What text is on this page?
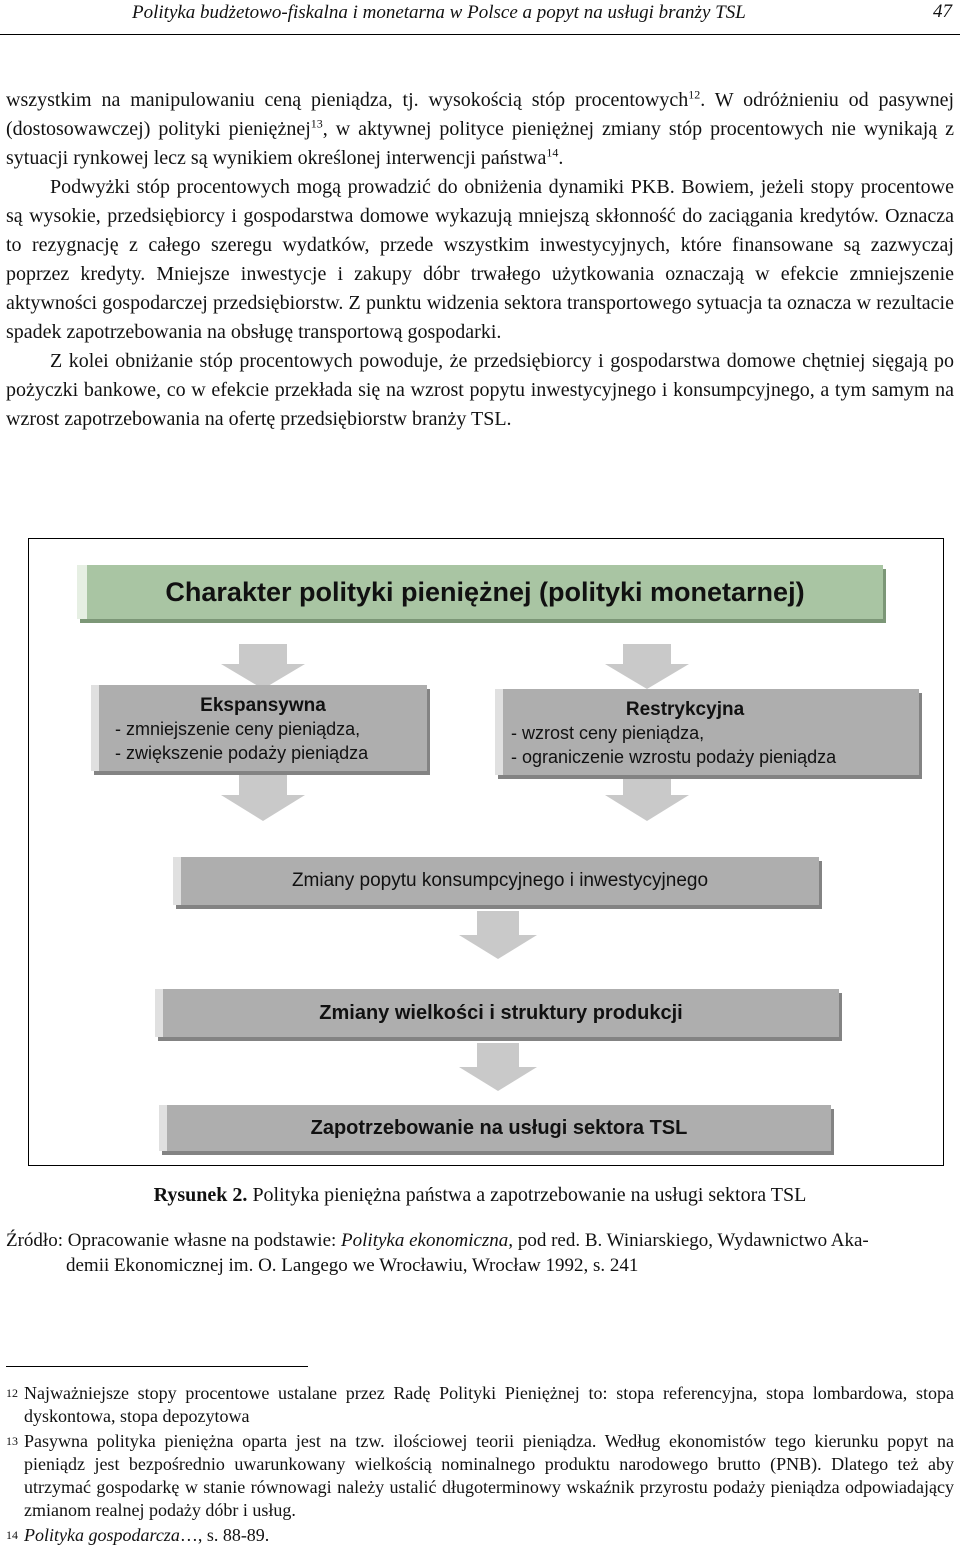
Polityka budżetowo-fiskalna i monetarna w Polsce a popyt na usługi branży TSL	47

wszystkim na manipulowaniu ceną pieniądza, tj. wysokością stóp procentowych$^{12}$. W odróżnieniu od pasywnej (dostosowawczej) polityki pieniężnej$^{13}$, w aktywnej polityce pieniężnej zmiany stóp procentowych nie wynikają z sytuacji rynkowej lecz są wynikiem określonej interwencji państwa$^{14}$.

Podwyżki stóp procentowych mogą prowadzić do obniżenia dynamiki PKB. Bowiem, jeżeli stopy procentowe są wysokie, przedsiębiorcy i gospodarstwa domowe wykazują mniejszą skłonność do zaciągania kredytów. Oznacza to rezygnację z całego szeregu wydatków, przede wszystkim inwestycyjnych, które finansowane są zazwyczaj poprzez kredyty. Mniejsze inwestycje i zakupy dóbr trwałego użytkowania oznaczają w efekcie zmniejszenie aktywności gospodarczej przedsiębiorstw. Z punktu widzenia sektora transportowego sytuacja ta oznacza w rezultacie spadek zapotrzebowania na obsługę transportową gospodarki.

Z kolei obniżanie stóp procentowych powoduje, że przedsiębiorcy i gospodarstwa domowe chętniej sięgają po pożyczki bankowe, co w efekcie przekłada się na wzrost popytu inwestycyjnego i konsumpcyjnego, a tym samym na wzrost zapotrzebowania na ofertę przedsiębiorstw branży TSL.

Charakter polityki pieniężnej (polityki monetarnej)
Ekspansywna
- zmniejszenie ceny pieniądza,
- zwiększenie podaży pieniądza
Restrykcyjna
- wzrost ceny pieniądza,
- ograniczenie wzrostu podaży pieniądza
Zmiany popytu konsumpcyjnego i inwestycyjnego
Zmiany wielkości i struktury produkcji
Zapotrzebowanie na usługi sektora TSL
Rysunek 2. Polityka pieniężna państwa a zapotrzebowanie na usługi sektora TSL
Źródło: Opracowanie własne na podstawie: Polityka ekonomiczna, pod red. B. Winiarskiego, Wydawnictwo Aka-
demii Ekonomicznej im. O. Langego we Wrocławiu, Wrocław 1992, s. 241
12 Najważniejsze stopy procentowe ustalane przez Radę Polityki Pieniężnej to: stopa referencyjna, stopa lombardowa, stopa dyskontowa, stopa depozytowa
13 Pasywna polityka pieniężna oparta jest na tzw. ilościowej teorii pieniądza. Według ekonomistów tego kierunku popyt na pieniądz jest bezpośrednio uwarunkowany wielkością nominalnego produktu narodowego brutto (PNB). Dlatego też aby utrzymać gospodarkę w stanie równowagi należy ustalić długoterminowy wskaźnik przyrostu podaży pieniądza odpowiadający zmianom realnej podaży dóbr i usług.
14 Polityka gospodarcza…, s. 88-89.
